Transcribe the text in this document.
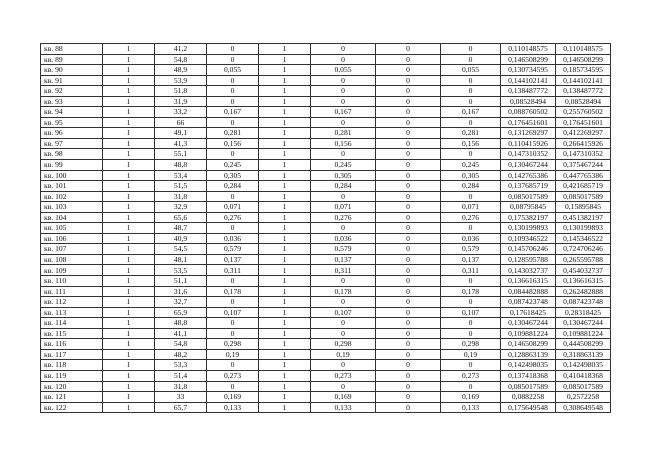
кв. 88	1	41,2	0	1	0	0	0	0,110148575	0,110148575
кв. 89	1	54,8	0	1	0	0	0	0,146508299	0,146508299
кв. 90	1	48,9	0,055	1	0,055	0	0,055	0,130734595	0,185734595
кв. 91	1	53,9	0	1	0	0	0	0,144102141	0,144102141
кв. 92	1	51,8	0	1	0	0	0	0,138487772	0,138487772
кв. 93	1	31,9	0	1	0	0	0	0,08528494	0,08528494
кв. 94	1	33,2	0,167	1	0,167	0	0,167	0,088760502	0,255760502
кв. 95	1	66	0	1	0	0	0	0,176451601	0,176451601
кв. 96	1	49,1	0,281	1	0,281	0	0,281	0,131269297	0,412269297
кв. 97	1	41,3	0,156	1	0,156	0	0,156	0,110415926	0,266415926
кв. 98	1	55,1	0	1	0	0	0	0,147310352	0,147310352
кв. 99	1	48,8	0,245	1	0,245	0	0,245	0,130467244	0,375467244
кв. 100	1	53,4	0,305	1	0,305	0	0,305	0,142765386	0,447765386
кв. 101	1	51,5	0,284	1	0,284	0	0,284	0,137685719	0,421685719
кв. 102	1	31,8	0	1	0	0	0	0,085017589	0,085017589
кв. 103	1	32,9	0,071	1	0,071	0	0,071	0,08795845	0,15895845
кв. 104	1	65,6	0,276	1	0,276	0	0,276	0,175382197	0,451382197
кв. 105	1	48,7	0	1	0	0	0	0,130199893	0,130199893
кв. 106	1	40,9	0,036	1	0,036	0	0,036	0,109346522	0,145346522
кв. 107	1	54,5	0,579	1	0,579	0	0,579	0,145706246	0,724706246
кв. 108	1	48,1	0,137	1	0,137	0	0,137	0,128595788	0,265595788
кв. 109	1	53,5	0,311	1	0,311	0	0,311	0,143032737	0,454032737
кв. 110	1	51,1	0	1	0	0	0	0,136616315	0,136616315
кв. 111	1	31,6	0,178	1	0,178	0	0,178	0,084482888	0,262482888
кв. 112	1	32,7	0	1	0	0	0	0,087423748	0,087423748
кв. 113	1	65,9	0,107	1	0,107	0	0,107	0,17618425	0,28318425
кв. 114	1	48,8	0	1	0	0	0	0,130467244	0,130467244
кв. 115	1	41,1	0	1	0	0	0	0,109881224	0,109881224
кв. 116	1	54,8	0,298	1	0,298	0	0,298	0,146508299	0,444508299
кв. 117	1	48,2	0,19	1	0,19	0	0,19	0,128863139	0,318863139
кв. 118	1	53,3	0	1	0	0	0	0,142498035	0,142498035
кв. 119	1	51,4	0,273	1	0,273	0	0,273	0,137418368	0,410418368
кв. 120	1	31,8	0	1	0	0	0	0,085017589	0,085017589
кв. 121	1	33	0,169	1	0,169	0	0,169	0,0882258	0,2572258
кв. 122	1	65,7	0,133	1	0,133	0	0,133	0,175649548	0,308649548
